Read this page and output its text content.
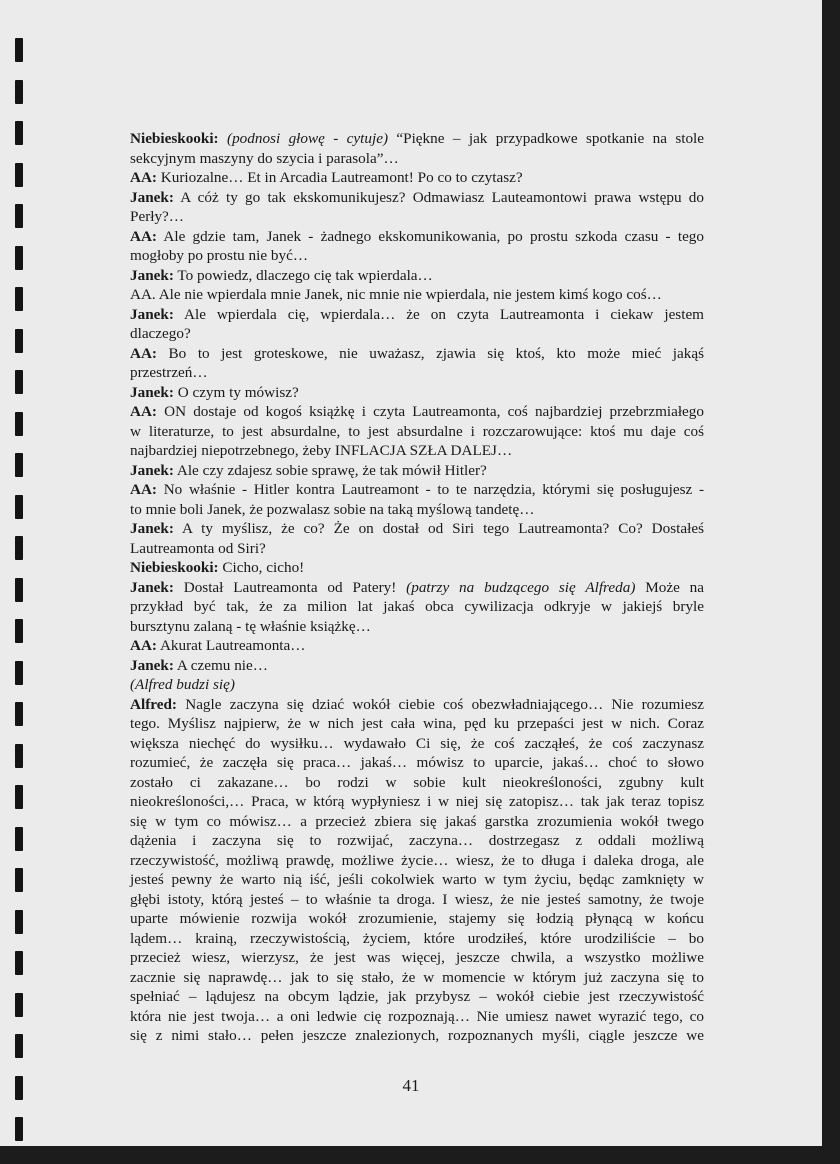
Niebieskooki: (podnosi głowę - cytuje) “Piękne – jak przypadkowe spotkanie na stole
sekcyjnym maszyny do szycia i parasola”…
AA: Kuriozalne… Et in Arcadia Lautreamont! Po co to czytasz?
Janek: A cóż ty go tak ekskomunikujesz? Odmawiasz Lauteamontowi prawa wstępu do
Perły?…
AA: Ale gdzie tam, Janek - żadnego ekskomunikowania, po prostu szkoda czasu - tego
mogłoby po prostu nie być…
Janek: To powiedz, dlaczego cię tak wpierdala…
AA. Ale nie wpierdala mnie Janek, nic mnie nie wpierdala, nie jestem kimś kogo coś…
Janek: Ale wpierdala cię, wpierdala… że on czyta Lautreamonta i ciekaw jestem
dlaczego?
AA: Bo to jest groteskowe, nie uważasz, zjawia się ktoś, kto może mieć jakąś
przestrzeń…
Janek: O czym ty mówisz?
AA: ON dostaje od kogoś książkę i czyta Lautreamonta, coś najbardziej przebrzmiałego
w literaturze, to jest absurdalne, to jest absurdalne i rozczarowujące: ktoś mu daje coś
najbardziej niepotrzebnego, żeby INFLACJA SZŁA DALEJ…
Janek: Ale czy zdajesz sobie sprawę, że tak mówił Hitler?
AA: No właśnie - Hitler kontra Lautreamont - to te narzędzia, którymi się posługujesz -
to mnie boli Janek, że pozwalasz sobie na taką myślową tandetę…
Janek: A ty myślisz, że co? Że on dostał od Siri tego Lautreamonta? Co? Dostałeś
Lautreamonta od Siri?
Niebieskooki: Cicho, cicho!
Janek: Dostał Lautreamonta od Patery! (patrzy na budzącego się Alfreda) Może na
przykład być tak, że za milion lat jakaś obca cywilizacja odkryje w jakiejś bryle
bursztynu zalaną - tę właśnie książkę…
AA: Akurat Lautreamonta…
Janek: A czemu nie…
(Alfred budzi się)
Alfred: Nagle zaczyna się dziać wokół ciebie coś obezwładniającego… Nie rozumiesz
tego. Myślisz najpierw, że w nich jest cała wina, pęd ku przepaści jest w nich. Coraz
większa niechęć do wysiłku… wydawało Ci się, że coś zacząłeś, że coś zaczynasz
rozumieć, że zaczęła się praca… jakaś… mówisz to uparcie, jakaś… choć to słowo
zostało ci zakazane… bo rodzi w sobie kult nieokreśloności, zgubny kult
nieokreśloności,… Praca, w którą wypłyniesz i w niej się zatopisz… tak jak teraz topisz
się w tym co mówisz… a przecież zbiera się jakaś garstka zrozumienia wokół twego
dążenia i zaczyna się to rozwijać, zaczyna… dostrzegasz z oddali możliwą
rzeczywistość, możliwą prawdę, możliwe życie… wiesz, że to długa i daleka droga, ale
jesteś pewny że warto nią iść, jeśli cokolwiek warto w tym życiu, będąc zamknięty w
głębi istoty, którą jesteś – to właśnie ta droga. I wiesz, że nie jesteś samotny, że twoje
uparte mówienie rozwija wokół zrozumienie, stajemy się łodzią płynącą w końcu
lądem… krainą, rzeczywistością, życiem, które urodziłeś, które urodziliście – bo
przecież wiesz, wierzysz, że jest was więcej, jeszcze chwila, a wszystko możliwe
zacznie się naprawdę… jak to się stało, że w momencie w którym już zaczyna się to
spełniać – lądujesz na obcym lądzie, jak przybysz – wokół ciebie jest rzeczywistość
która nie jest twoja… a oni ledwie cię rozpoznają… Nie umiesz nawet wyrazić tego, co
się z nimi stało… pełen jeszcze znalezionych, rozpoznanych myśli, ciągle jeszcze we
41
